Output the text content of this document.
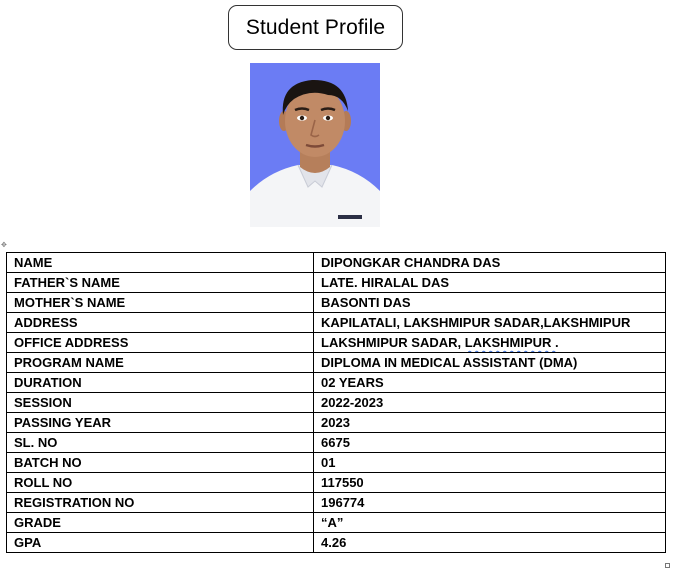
Student Profile
✥
NAME	DIPONGKAR CHANDRA DAS
FATHER`S NAME	LATE. HIRALAL DAS
MOTHER`S NAME	BASONTI DAS
ADDRESS	KAPILATALI, LAKSHMIPUR SADAR,LAKSHMIPUR
OFFICE ADDRESS	LAKSHMIPUR SADAR, LAKSHMIPUR .
PROGRAM NAME	DIPLOMA IN MEDICAL ASSISTANT (DMA)
DURATION	02 YEARS
SESSION	2022-2023
PASSING YEAR	2023
SL. NO	6675
BATCH NO	01
ROLL NO	117550
REGISTRATION NO	196774
GRADE	“A”
GPA	4.26
